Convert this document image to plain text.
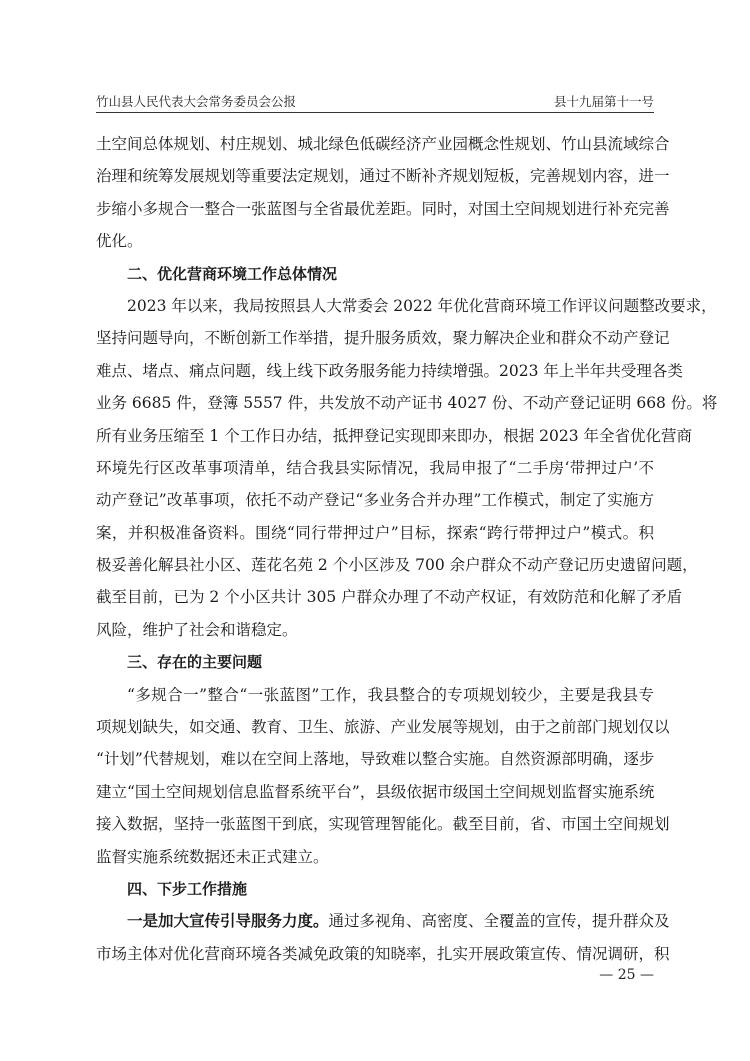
竹山县人民代表大会常务委员会公报	县十九届第十一号
土空间总体规划、村庄规划、城北绿色低碳经济产业园概念性规划、竹山县流域综合
治理和统筹发展规划等重要法定规划，通过不断补齐规划短板，完善规划内容，进一
步缩小多规合一整合一张蓝图与全省最优差距。同时，对国土空间规划进行补充完善
优化。
二、优化营商环境工作总体情况
2023 年以来，我局按照县人大常委会 2022 年优化营商环境工作评议问题整改要求，
坚持问题导向，不断创新工作举措，提升服务质效，聚力解决企业和群众不动产登记
难点、堵点、痛点问题，线上线下政务服务能力持续增强。2023 年上半年共受理各类
业务 6685 件，登簿 5557 件，共发放不动产证书 4027 份、不动产登记证明 668 份。将
所有业务压缩至 1 个工作日办结，抵押登记实现即来即办，根据 2023 年全省优化营商
环境先行区改革事项清单，结合我县实际情况，我局申报了“二手房‘带押过户’不
动产登记”改革事项，依托不动产登记“多业务合并办理”工作模式，制定了实施方
案，并积极准备资料。围绕“同行带押过户”目标，探索“跨行带押过户”模式。积
极妥善化解县社小区、莲花名苑 2 个小区涉及 700 余户群众不动产登记历史遗留问题，
截至目前，已为 2 个小区共计 305 户群众办理了不动产权证，有效防范和化解了矛盾
风险，维护了社会和谐稳定。
三、存在的主要问题
“多规合一”整合“一张蓝图”工作，我县整合的专项规划较少，主要是我县专
项规划缺失，如交通、教育、卫生、旅游、产业发展等规划，由于之前部门规划仅以
“计划”代替规划，难以在空间上落地，导致难以整合实施。自然资源部明确，逐步
建立“国土空间规划信息监督系统平台”，县级依据市级国土空间规划监督实施系统
接入数据，坚持一张蓝图干到底，实现管理智能化。截至目前，省、市国土空间规划
监督实施系统数据还未正式建立。
四、下步工作措施
一是加大宣传引导服务力度。通过多视角、高密度、全覆盖的宣传，提升群众及
市场主体对优化营商环境各类减免政策的知晓率，扎实开展政策宣传、情况调研，积
— 25 —
